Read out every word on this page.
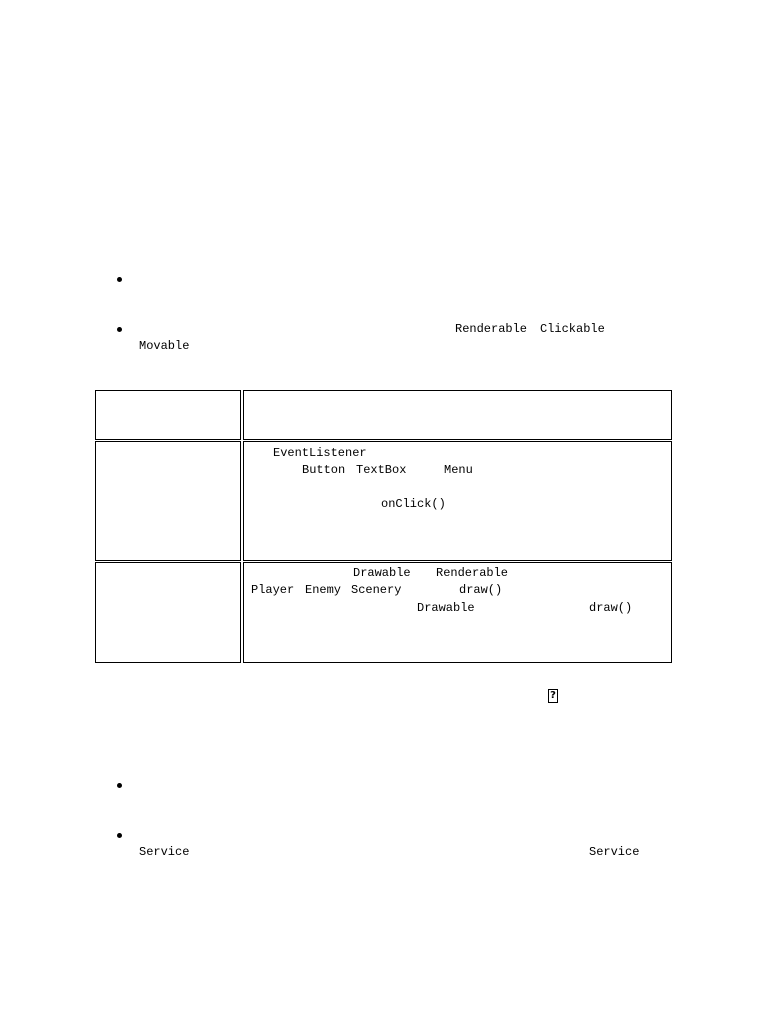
Renderable Clickable
Movable
EventListener
Button TextBox	Menu
onClick()
Drawable Renderable
Player Enemy Scenery	draw()
Drawable	draw()
?
Service	Service
